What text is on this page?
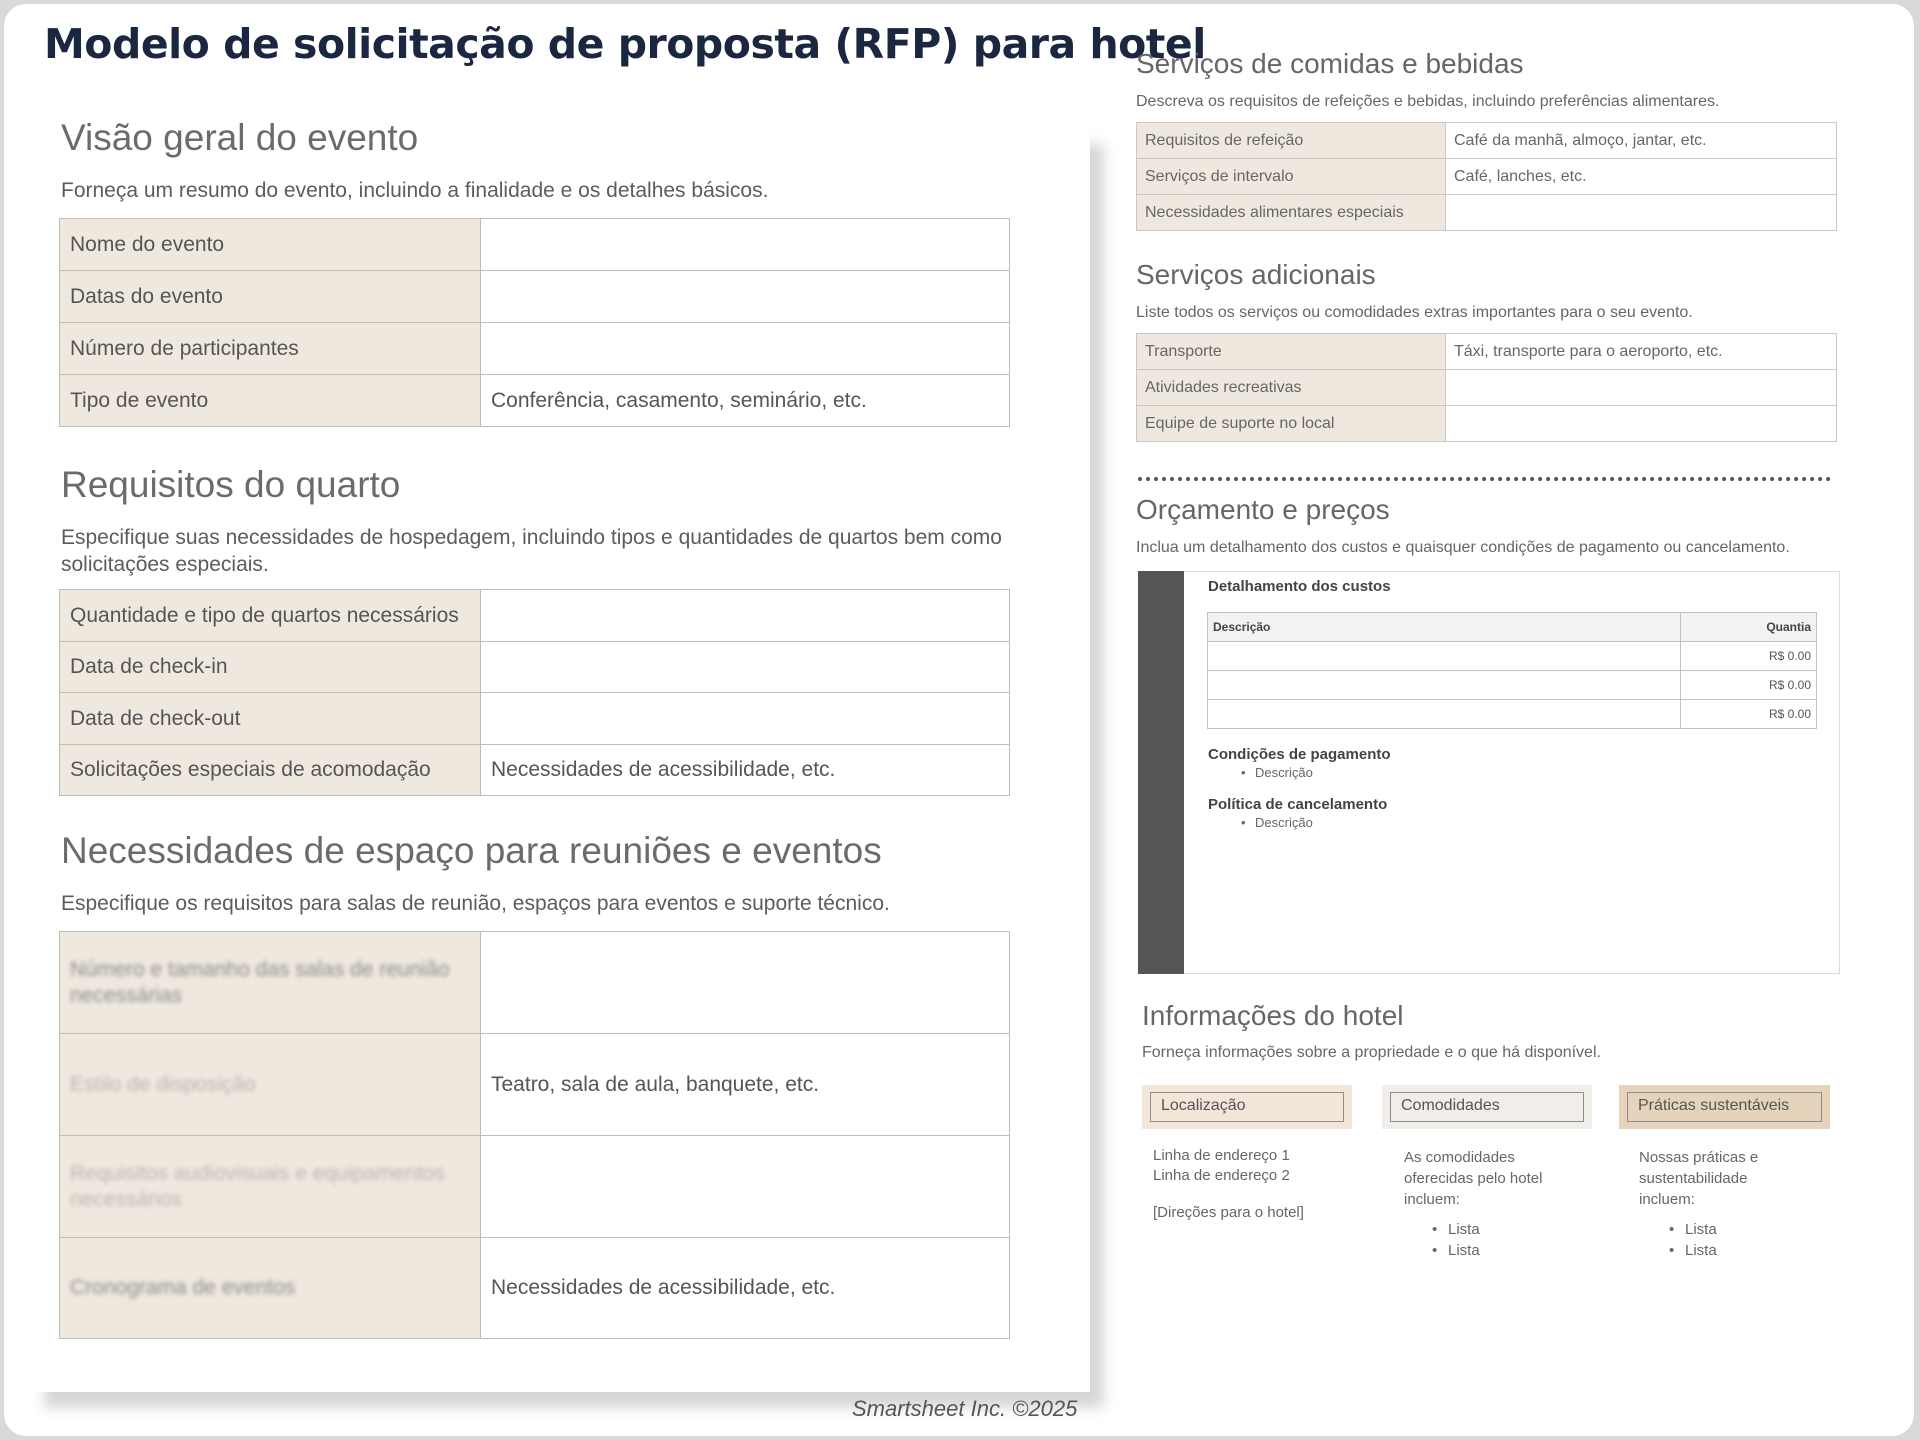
Modelo de solicitação de proposta (RFP) para hotel
Visão geral do evento
Forneça um resumo do evento, incluindo a finalidade e os detalhes básicos.
Nome do evento	
Datas do evento	
Número de participantes	
Tipo de evento	Conferência, casamento, seminário, etc.
Requisitos do quarto
Especifique suas necessidades de hospedagem, incluindo tipos e quantidades de quartos bem como solicitações especiais.
Quantidade e tipo de quartos necessários	
Data de check-in	
Data de check-out	
Solicitações especiais de acomodação	Necessidades de acessibilidade, etc.
Necessidades de espaço para reuniões e eventos
Especifique os requisitos para salas de reunião, espaços para eventos e suporte técnico.
Número e tamanho das salas de reunião necessárias	
Estilo de disposição	Teatro, sala de aula, banquete, etc.
Requisitos audiovisuais e equipamentos necessários	
Cronograma de eventos	Necessidades de acessibilidade, etc.
Smartsheet Inc. ©2025
Serviços de comidas e bebidas
Descreva os requisitos de refeições e bebidas, incluindo preferências alimentares.
Requisitos de refeição	Café da manhã, almoço, jantar, etc.
Serviços de intervalo	Café, lanches, etc.
Necessidades alimentares especiais	
Serviços adicionais
Liste todos os serviços ou comodidades extras importantes para o seu evento.
Transporte	Táxi, transporte para o aeroporto, etc.
Atividades recreativas	
Equipe de suporte no local	
Orçamento e preços
Inclua um detalhamento dos custos e quaisquer condições de pagamento ou cancelamento.
Detalhamento dos custos
Descrição	Quantia
	R$ 0.00
	R$ 0.00
	R$ 0.00
Condições de pagamento
• Descrição
Política de cancelamento
• Descrição
Informações do hotel
Forneça informações sobre a propriedade e o que há disponível.
Localização
Linha de endereço 1
Linha de endereço 2
[Direções para o hotel]
Comodidades
As comodidades
oferecidas pelo hotel
incluem:
• Lista
• Lista
Práticas sustentáveis
Nossas práticas e
sustentabilidade
incluem:
• Lista
• Lista
